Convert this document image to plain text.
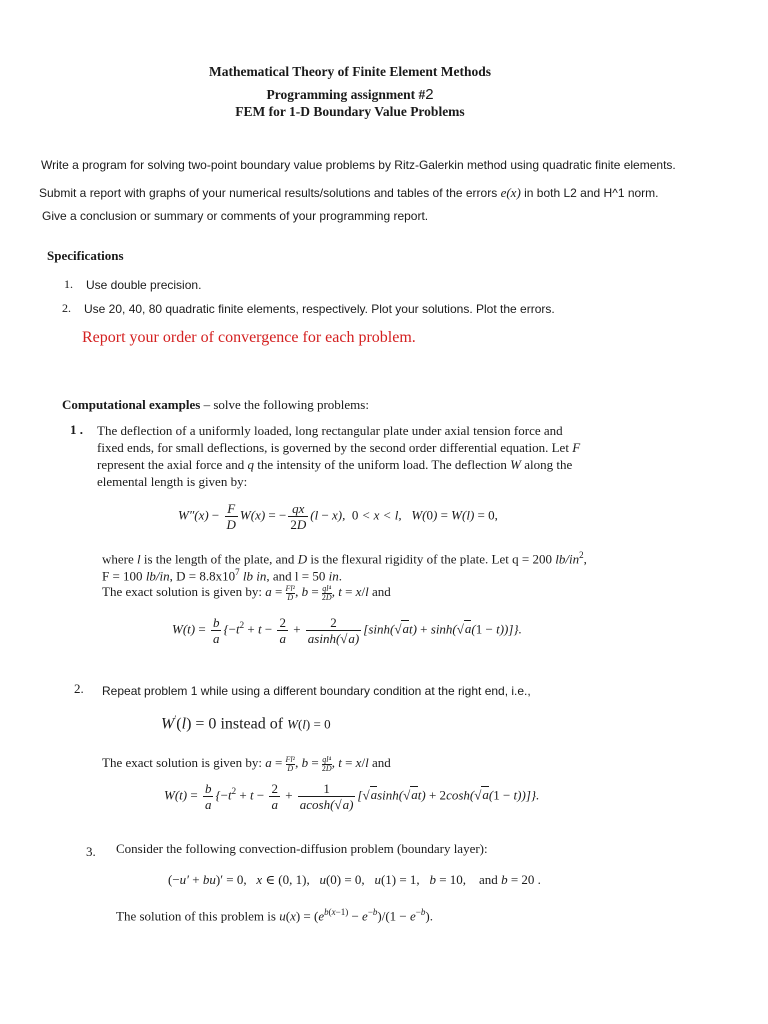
Mathematical Theory of Finite Element Methods
Programming assignment #2
FEM for 1-D Boundary Value Problems
Write a program for solving two-point boundary value problems by Ritz-Galerkin method using quadratic finite elements.
Submit a report with graphs of your numerical results/solutions and tables of the errors e(x) in both L2 and H^1 norm.
Give a conclusion or summary or comments of your programming report.
Specifications
1. Use double precision.
2. Use 20, 40, 80 quadratic finite elements, respectively. Plot your solutions. Plot the errors.
Report your order of convergence for each problem.
Computational examples – solve the following problems:
1 . The deflection of a uniformly loaded, long rectangular plate under axial tension force and
fixed ends, for small deflections, is governed by the second order differential equation. Let F
represent the axial force and q the intensity of the uniform load. The deflection W along the
elemental length is given by:
$W''(x) - \frac{F}{D} W(x)$ = − $\frac{qx}{2D} (l - x)$,  0 < x < l,   W(0) = W(l) = 0,
where l is the length of the plate, and D is the flexural rigidity of the plate. Let q = 200 $lb/in^2$,
F = 100 lb/in, $D = 8.8x10^7$ lb in, and l = 50 in.
The exact solution is given by: $a = \frac{\text{Fl²}}{D}$ , $b = \frac{\text{ql⁴}}{2D}$ , t = x/l and
$W(t) = \frac{b}{a} \{-t^2 + t - \frac{2}{a} + \frac{2}{asinh(√a)} [\sinh(√at) + \sinh(√a(1 - t))]\}$.
2. Repeat problem 1 while using a different boundary condition at the right end, i.e.,
W′(l) = 0 instead of W(l) = 0
The exact solution is given by: $a = \frac{\text{Fl²}}{D}$ , $b = \frac{\text{ql⁴}}{2D}$ , t = x/l and
$W(t) = \frac{b}{a} \{-t^2 + t - \frac{2}{a} + \frac{1}{acosh(√a)} [√asinh(√at) + 2\cosh(√a(1 - t))]\}$.
3. Consider the following convection-diffusion problem (boundary layer):
(−u′ + bu)′ = 0,   x ∈ (0, 1),   u(0) = 0,   u(1) = 1,   b = 10, and b = 20 .
The solution of this problem is $u(x) = (e^{b(x-1)} - e^{-b})/(1 - e^{-b})$.
